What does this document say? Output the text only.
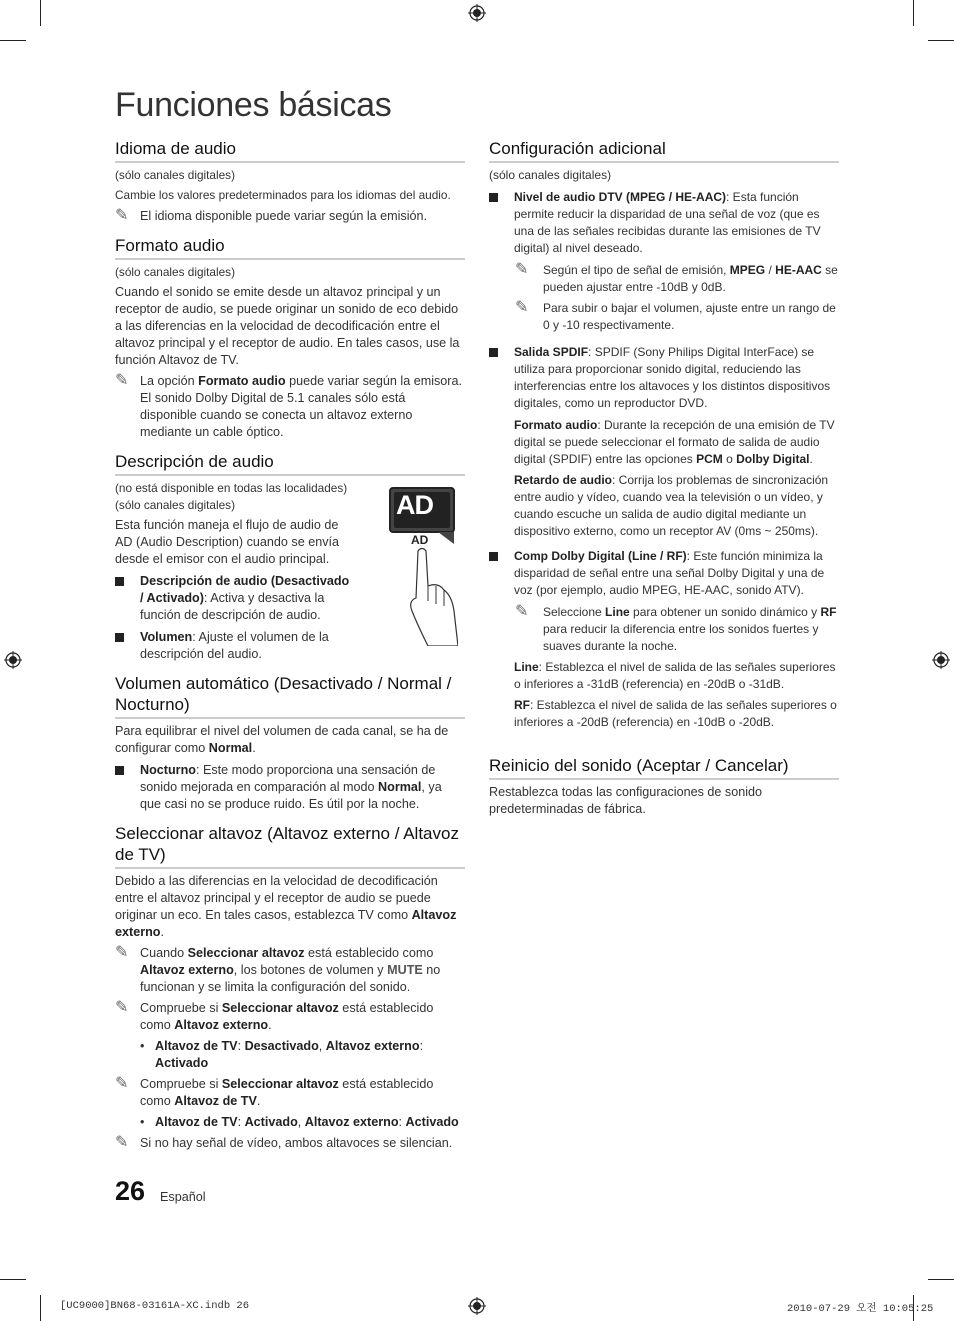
Funciones básicas
Idioma de audio

(sólo canales digitales)

Cambie los valores predeterminados para los idiomas del audio.

✎ El idioma disponible puede variar según la emisión.
Formato audio

(sólo canales digitales)

Cuando el sonido se emite desde un altavoz principal y un receptor de audio, se puede originar un sonido de eco debido a las diferencias en la velocidad de decodificación entre el altavoz principal y el receptor de audio. En tales casos, use la función Altavoz de TV.

✎ La opción Formato audio puede variar según la emisora. El sonido Dolby Digital de 5.1 canales sólo está disponible cuando se conecta un altavoz externo mediante un cable óptico.
Descripción de audio

(no está disponible en todas las localidades) (sólo canales digitales)

Esta función maneja el flujo de audio de AD (Audio Description) cuando se envía desde el emisor con el audio principal.

Descripción de audio (Desactivado / Activado): Activa y desactiva la función de descripción de audio.
Volumen: Ajuste el volumen de la descripción del audio.
Volumen automático (Desactivado / Normal / Nocturno)

Para equilibrar el nivel del volumen de cada canal, se ha de configurar como Normal.

Nocturno: Este modo proporciona una sensación de sonido mejorada en comparación al modo Normal, ya que casi no se produce ruido. Es útil por la noche.
Seleccionar altavoz (Altavoz externo / Altavoz de TV)

Debido a las diferencias en la velocidad de decodificación entre el altavoz principal y el receptor de audio se puede originar un eco. En tales casos, establezca TV como Altavoz externo.

✎ Cuando Seleccionar altavoz está establecido como Altavoz externo, los botones de volumen y MUTE no funcionan y se limita la configuración del sonido.
✎ Compruebe si Seleccionar altavoz está establecido como Altavoz externo.
• Altavoz de TV: Desactivado, Altavoz externo: Activado
✎ Compruebe si Seleccionar altavoz está establecido como Altavoz de TV.
• Altavoz de TV: Activado, Altavoz externo: Activado
✎ Si no hay señal de vídeo, ambos altavoces se silencian.
AD
AD
Configuración adicional

(sólo canales digitales)

Nivel de audio DTV (MPEG / HE-AAC): Esta función permite reducir la disparidad de una señal de voz (que es una de las señales recibidas durante las emisiones de TV digital) al nivel deseado.
✎ Según el tipo de señal de emisión, MPEG / HE-AAC se pueden ajustar entre -10dB y 0dB.
✎ Para subir o bajar el volumen, ajuste entre un rango de 0 y -10 respectivamente.
Salida SPDIF: SPDIF (Sony Philips Digital InterFace) se utiliza para proporcionar sonido digital, reduciendo las interferencias entre los altavoces y los distintos dispositivos digitales, como un reproductor DVD.
Formato audio: Durante la recepción de una emisión de TV digital se puede seleccionar el formato de salida de audio digital (SPDIF) entre las opciones PCM o Dolby Digital.
Retardo de audio: Corrija los problemas de sincronización entre audio y vídeo, cuando vea la televisión o un vídeo, y cuando escuche un salida de audio digital mediante un dispositivo externo, como un receptor AV (0ms ~ 250ms).
Comp Dolby Digital (Line / RF): Este función minimiza la disparidad de señal entre una señal Dolby Digital y una de voz (por ejemplo, audio MPEG, HE-AAC, sonido ATV).
✎ Seleccione Line para obtener un sonido dinámico y RF para reducir la diferencia entre los sonidos fuertes y suaves durante la noche.
Line: Establezca el nivel de salida de las señales superiores o inferiores a -31dB (referencia) en -20dB o -31dB.
RF: Establezca el nivel de salida de las señales superiores o inferiores a -20dB (referencia) en -10dB o -20dB.
Reinicio del sonido (Aceptar / Cancelar)

Restablezca todas las configuraciones de sonido predeterminadas de fábrica.

26 Español
[UC9000]BN68-03161A-XC.indb 26	2010-07-29 오전 10:05:25
